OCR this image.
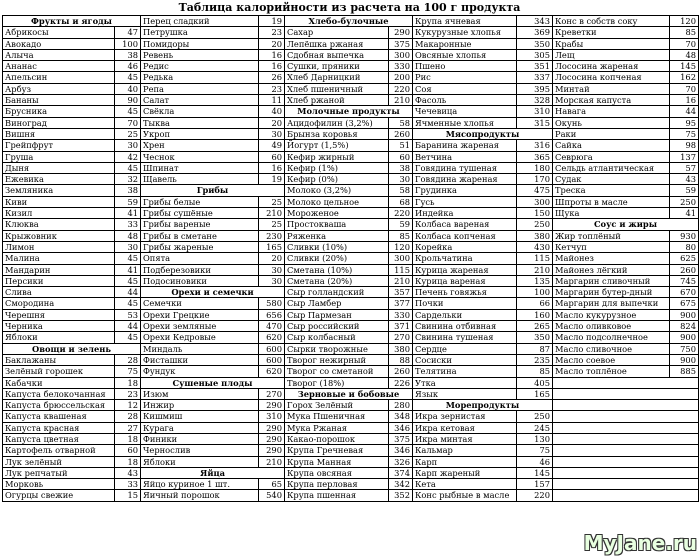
Таблица калорийности из расчета на 100 г продукта
Фрукты и ягоды		Перец сладкий	19	Хлебо-булочные		Крупа ячневая	343	Конс в собств соку	120
Абрикосы	47	Петрушка	23	Сахар	290	Кукурузные хлопья	369	Креветки	85
Авокадо	100	Помидоры	20	Лепёшка ржаная	375	Макаронные	350	Крабы	70
Алыча	38	Ревень	16	Сдобная выпечка	300	Овсяные хлопья	305	Лещ	48
Ананас	46	Редис	16	Сушки, пряники	330	Пшено	351	Лососина жареная	145
Апельсин	45	Редька	26	Хлеб Дарницкий	200	Рис	337	Лососина копченая	162
Арбуз	40	Репа	23	Хлеб пшеничный	220	Соя	395	Минтай	70
Бананы	90	Салат	11	Хлеб ржаной	210	Фасоль	328	Морская капуста	16
Брусника	45	Свёкла	40	Молочные продукты		Чечевица	310	Навага	44
Виноград	70	Тыква	20	Ацидофилин (3,2%)	58	Ячменные хлопья	315	Окунь	95
Вишня	25	Укроп	30	Брынза коровья	260	Мясопродукты		Раки	75
Грейпфрут	30	Хрен	49	Йогурт (1,5%)	51	Баранина жареная	316	Сайка	98
Груша	42	Чеснок	60	Кефир жирный	60	Ветчина	365	Севрюга	137
Дыня	45	Шпинат	16	Кефир (1%)	38	Говядина тушеная	180	Сельдь атлантическая	57
Ежевика	32	Щавель	19	Кефир (0%)	30	Говядина жареная	170	Судак	43
Земляника	38	Грибы		Молоко (3,2%)	58	Грудинка	475	Треска	59
Киви	59	Грибы белые	25	Молоко цельное	68	Гусь	300	Шпроты в масле	250
Кизил	41	Грибы сушёные	210	Мороженое	220	Индейка	150	Щука	41
Клюква	33	Грибы вареные	25	Простокваша	59	Колбаса вареная	250	Соус и жиры	
Крыжовник	48	Грибы в сметане	230	Ряженка	85	Колбаса копченая	380	Жир топлёный	930
Лимон	30	Грибы жареные	165	Сливки (10%)	120	Корейка	430	Кетчуп	80
Малина	45	Опята	20	Сливки (20%)	300	Крольчатина	115	Майонез	625
Мандарин	41	Подберезовики	30	Сметана (10%)	115	Курица жареная	210	Майонез лёгкий	260
Персики	45	Подосиновики	30	Сметана (20%)	210	Курица вареная	135	Маргарин сливочный	745
Слива	44	Орехи и семечки		Сыр голландский	357	Печень говяжья	100	Маргарин бутер-дный	670
Смородина	45	Семечки	580	Сыр Ламбер	377	Почки	66	Маргарин для выпечки	675
Черешня	53	Орехи Грецкие	656	Сыр Пармезан	330	Сардельки	160	Масло кукурузное	900
Черника	44	Орехи земляные	470	Сыр российский	371	Свинина отбивная	265	Масло оливковое	824
Яблоки	45	Орехи Кедровые	620	Сыр колбасный	270	Свинина тушеная	350	Масло подсолнечное	900
Овощи и зелень		Миндаль	600	Сырки творожные	380	Сердце	87	Масло сливочное	750
Баклажаны	28	Фисташки	600	Творог нежирный	88	Сосиски	235	Масло соевое	900
Зелёный горошек	75	Фундук	620	Творог со сметаной	260	Телятина	85	Масло топлёное	885
Кабачки	18	Сушеные плоды		Творог (18%)	226	Утка	405		
Капуста белокочанная	23	Изюм	270	Зерновые и бобовые		Язык	165		
Капуста брюссельская	12	Инжир	290	Горох Зелёный	280	Морепродукты			
Капуста квашеная	28	Кишмиш	310	Мука Пшеничная	348	Икра зернистая	250		
Капуста красная	27	Курага	290	Мука Ржаная	346	Икра кетовая	245		
Капуста цветная	18	Финики	290	Какао-порошок	375	Икра минтая	130		
Картофель отварной	60	Чернослив	290	Крупа Гречневая	346	Кальмар	75		
Лук зелёный	18	Яблоки	210	Крупа Манная	326	Карп	46		
Лук репчатый	43	Яйца		Крупа овсяная	374	Карп жареный	145		
Морковь	33	Яйцо куриное 1 шт.	65	Крупа перловая	342	Кета	157		
Огурцы свежие	15	Яичный порошок	540	Крупа пшенная	352	Конс рыбные в масле	220		
MyJane.ru
